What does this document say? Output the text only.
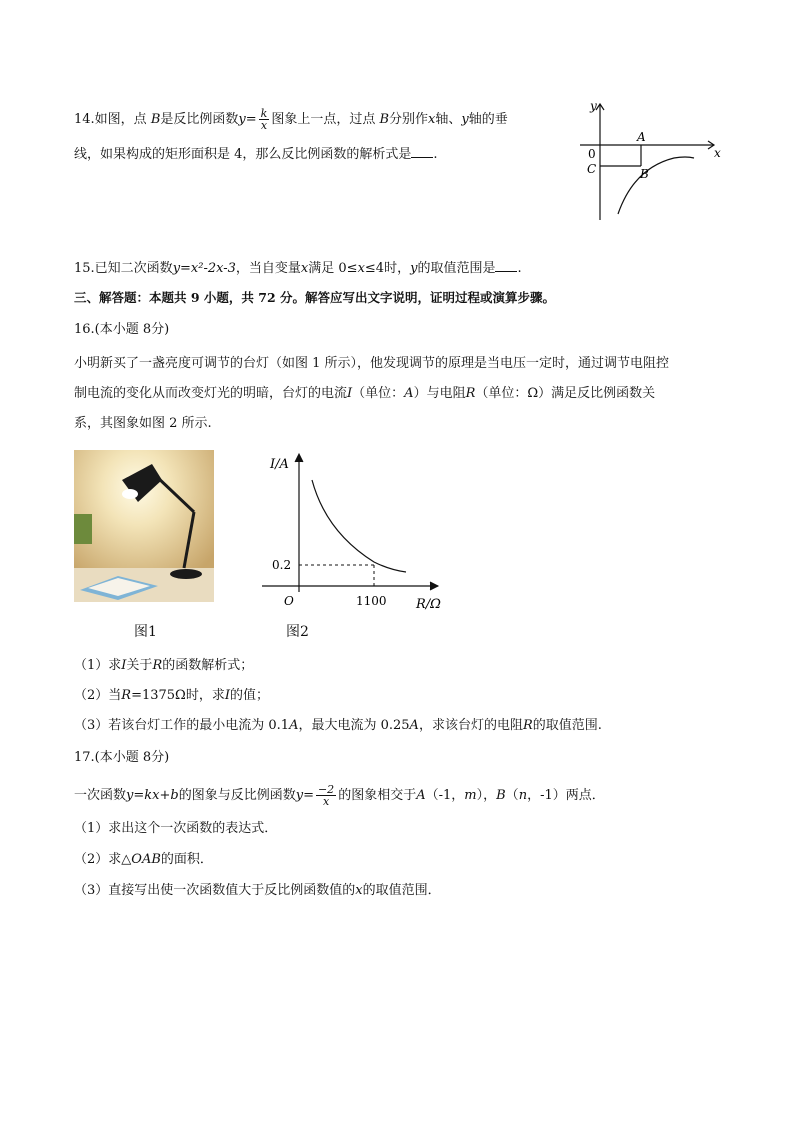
14.如图，点 B是反比例函数$y= \frac{k}{x}$ 图象上一点，过点 B分别作x轴、y轴的垂
线，如果构成的矩形面积是 4，那么反比例函数的解析式是 .
y
x
0
A
B
C
15.已知二次函数y=x²-2x-3，当自变量x满足 0≤x≤4时，y的取值范围是 .
三、解答题：本题共 9 小题，共 72 分。解答应写出文字说明，证明过程或演算步骤。
16.(本小题 8分)
小明新买了一盏亮度可调节的台灯（如图 1 所示），他发现调节的原理是当电压一定时，通过调节电阻控
制电流的变化从而改变灯光的明暗，台灯的电流I（单位：A）与电阻R（单位：Ω）满足反比例函数关
系，其图象如图 2 所示.
图1
I/A
R/Ω
O
0.2
1100
图2
（1）求I关于R的函数解析式；
（2）当R=1375Ω时，求I的值；
（3）若该台灯工作的最小电流为 0.1A，最大电流为 0.25A，求该台灯的电阻R的取值范围.
17.(本小题 8分)
一次函数y=kx+b的图象与反比例函数$y= \frac{-2}{x}$ 的图象相交于A（-1，m），B（n，-1）两点．
（1）求出这个一次函数的表达式．
（2）求△OAB的面积．
（3）直接写出使一次函数值大于反比例函数值的x的取值范围．
